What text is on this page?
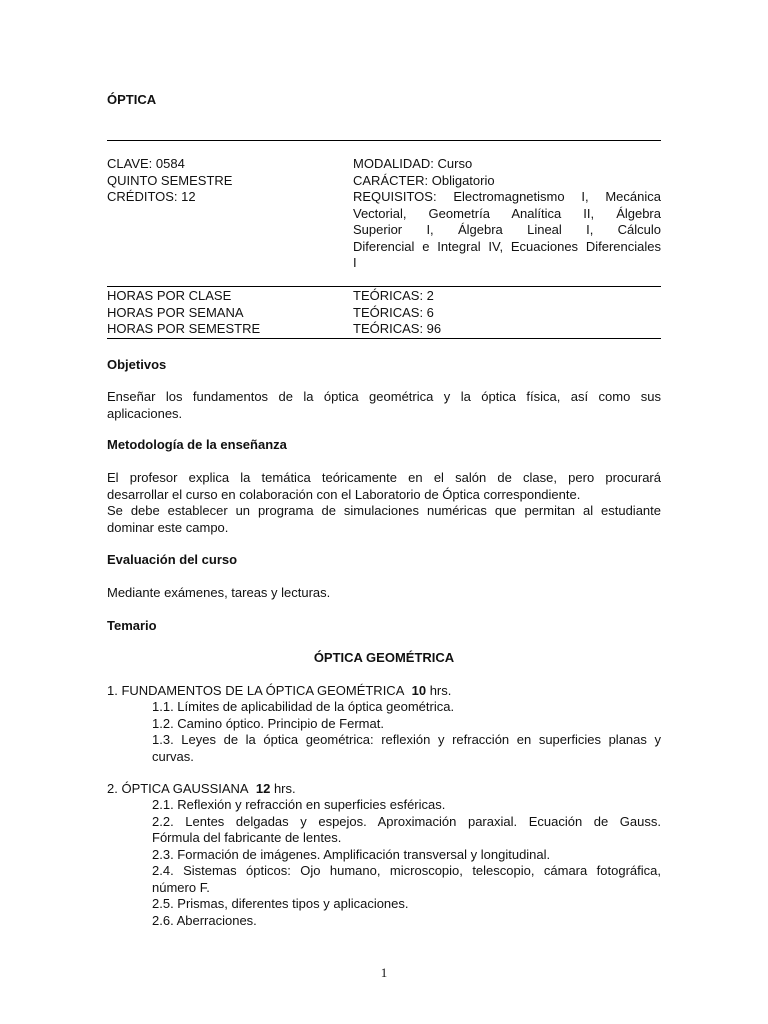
ÓPTICA
CLAVE: 0584
QUINTO SEMESTRE
CRÉDITOS: 12
MODALIDAD: Curso
CARÁCTER: Obligatorio
REQUISITOS: Electromagnetismo I, Mecánica
Vectorial, Geometría Analítica II, Álgebra
Superior I, Álgebra Lineal I, Cálculo
Diferencial e Integral IV, Ecuaciones Diferenciales
I
HORAS POR CLASE
HORAS POR SEMANA
HORAS POR SEMESTRE
TEÓRICAS: 2
TEÓRICAS: 6
TEÓRICAS: 96
Objetivos
Enseñar los fundamentos de la óptica geométrica y la óptica física, así como sus
aplicaciones.
Metodología de la enseñanza
El profesor explica la temática teóricamente en el salón de clase, pero procurará
desarrollar el curso en colaboración con el Laboratorio de Óptica correspondiente.
Se debe establecer un programa de simulaciones numéricas que permitan al estudiante
dominar este campo.
Evaluación del curso
Mediante exámenes, tareas y lecturas.
Temario
ÓPTICA GEOMÉTRICA
1. FUNDAMENTOS DE LA ÓPTICA GEOMÉTRICA 10 hrs.
1.1. Límites de aplicabilidad de la óptica geométrica.
1.2. Camino óptico. Principio de Fermat.
1.3. Leyes de la óptica geométrica: reflexión y refracción en superficies planas y
curvas.
2. ÓPTICA GAUSSIANA 12 hrs.
2.1. Reflexión y refracción en superficies esféricas.
2.2. Lentes delgadas y espejos. Aproximación paraxial. Ecuación de Gauss.
Fórmula del fabricante de lentes.
2.3. Formación de imágenes. Amplificación transversal y longitudinal.
2.4. Sistemas ópticos: Ojo humano, microscopio, telescopio, cámara fotográfica,
número F.
2.5. Prismas, diferentes tipos y aplicaciones.
2.6. Aberraciones.
1
